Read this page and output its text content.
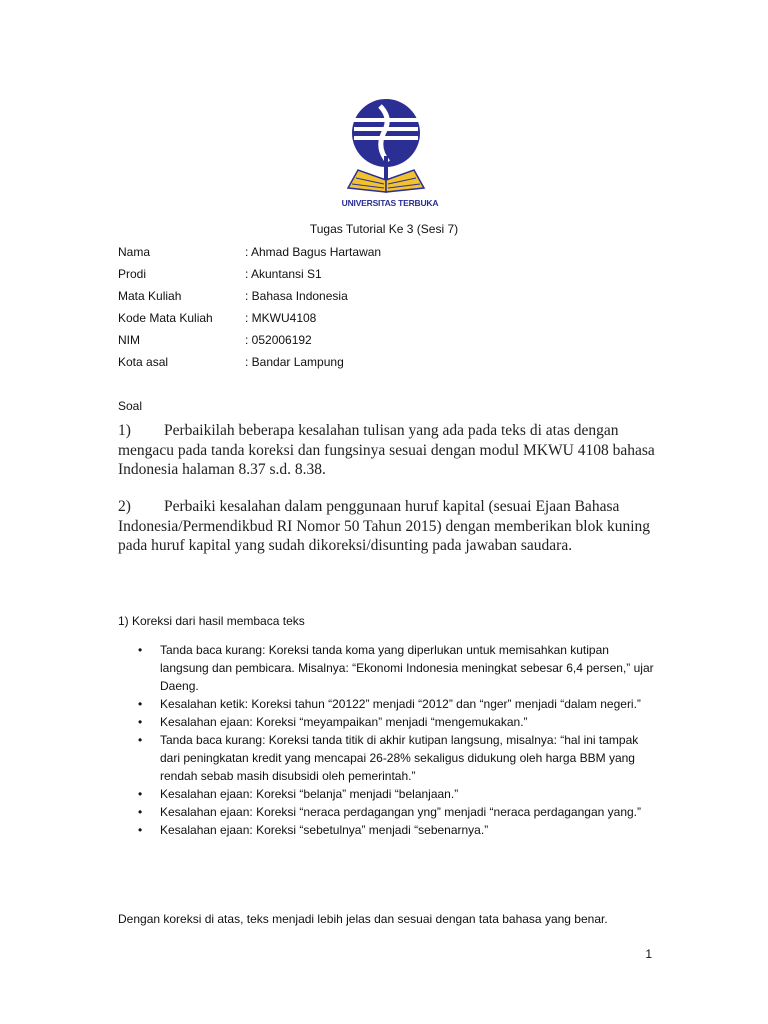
UNIVERSITAS TERBUKA
Tugas Tutorial Ke 3 (Sesi 7)
Nama	: Ahmad Bagus Hartawan
Prodi	: Akuntansi S1
Mata Kuliah	: Bahasa Indonesia
Kode Mata Kuliah	: MKWU4108
NIM	: 052006192
Kota asal	: Bandar Lampung
Soal
1) Perbaikilah beberapa kesalahan tulisan yang ada pada teks di atas dengan mengacu pada tanda koreksi dan fungsinya sesuai dengan modul MKWU 4108 bahasa Indonesia halaman 8.37 s.d. 8.38.
2) Perbaiki kesalahan dalam penggunaan huruf kapital (sesuai Ejaan Bahasa Indonesia/Permendikbud RI Nomor 50 Tahun 2015) dengan memberikan blok kuning pada huruf kapital yang sudah dikoreksi/disunting pada jawaban saudara.
1) Koreksi dari hasil membaca teks
• Tanda baca kurang: Koreksi tanda koma yang diperlukan untuk memisahkan kutipan langsung dan pembicara. Misalnya: “Ekonomi Indonesia meningkat sebesar 6,4 persen,” ujar Daeng.
• Kesalahan ketik: Koreksi tahun “20122” menjadi “2012” dan “nger” menjadi “dalam negeri.”
• Kesalahan ejaan: Koreksi “meyampaikan” menjadi “mengemukakan.”
• Tanda baca kurang: Koreksi tanda titik di akhir kutipan langsung, misalnya: “hal ini tampak dari peningkatan kredit yang mencapai 26-28% sekaligus didukung oleh harga BBM yang rendah sebab masih disubsidi oleh pemerintah.”
• Kesalahan ejaan: Koreksi “belanja” menjadi “belanjaan.”
• Kesalahan ejaan: Koreksi “neraca perdagangan yng” menjadi “neraca perdagangan yang.”
• Kesalahan ejaan: Koreksi “sebetulnya” menjadi “sebenarnya.”
Dengan koreksi di atas, teks menjadi lebih jelas dan sesuai dengan tata bahasa yang benar.
1
